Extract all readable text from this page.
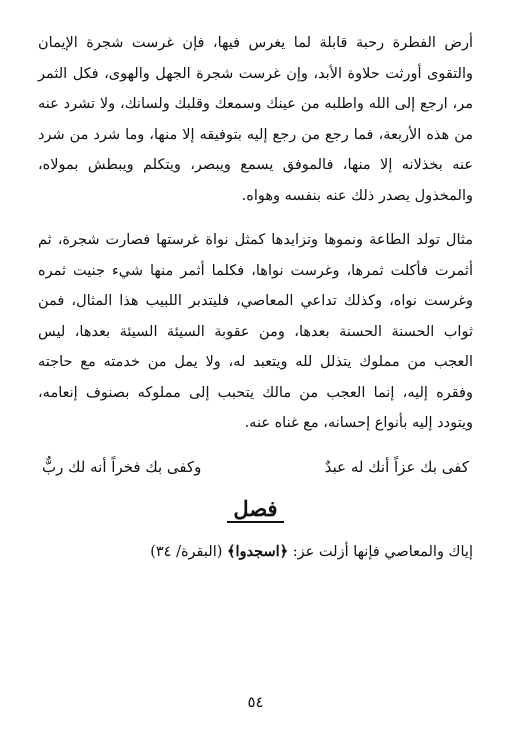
أرض الفطرة رحبة قابلة لما يغرس فيها، فإن غرست شجرة الإيمان والتقوى أورثت حلاوة الأبد، وإن غرست شجرة الجهل والهوى، فكل الثمر مر، ارجع إلى الله واطلبه من عينك وسمعك وقلبك ولسانك، ولا تشرد عنه من هذه الأربعة، فما رجع من رجع إليه بتوفيقه إلا منها، وما شرد من شرد عنه بخذلانه إلا منها، فالموفق يسمع ويبصر، ويتكلم ويبطش بمولاه، والمخذول يصدر ذلك عنه بنفسه وهواه.

مثال تولد الطاعة ونموها وتزايدها كمثل نواة غرستها فصارت شجرة، ثم أثمرت فأكلت ثمرها، وغرست نواها، فكلما أثمر منها شيء جنيت ثمره وغرست نواه، وكذلك تداعي المعاصي، فليتدبر اللبيب هذا المثال، فمن ثواب الحسنة الحسنة بعدها، ومن عقوبة السيئة السيئة بعدها، ليس العجب من مملوك يتذلل لله ويتعبد له، ولا يمل من خدمته مع حاجته وفقره إليه، إنما العجب من مالك يتحبب إلى مملوكه بصنوف إنعامه، ويتودد إليه بأنواع إحسانه، مع غناه عنه.

كفى بك عزاً أنك له عبدٌ
وكفى بك فخراً أنه لك ربٌّ
فصل

إياك والمعاصي فإنها أزلت عز: ﴿اسجدوا﴾ (البقرة/ ٣٤)

٥٤
